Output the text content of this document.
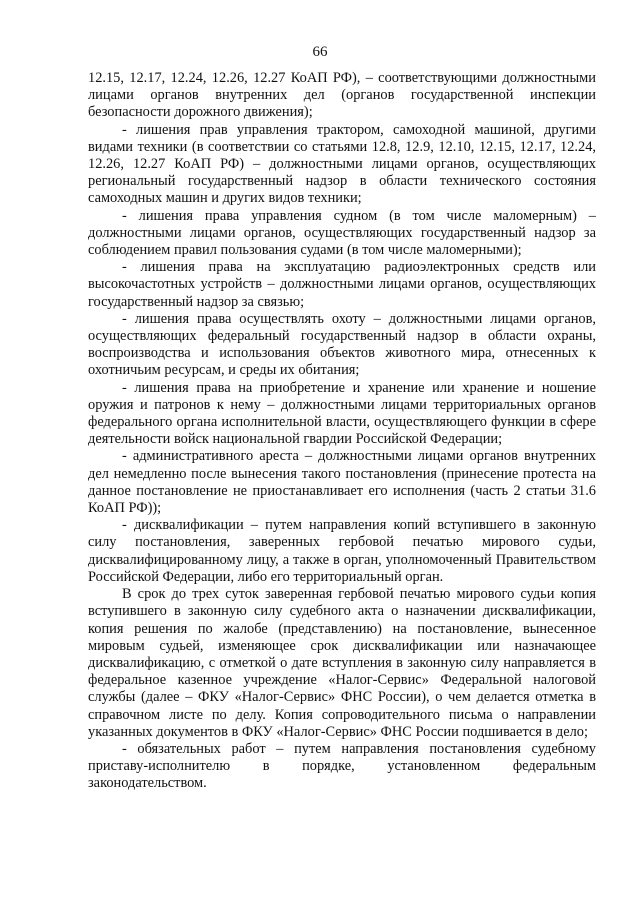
66

12.15, 12.17, 12.24, 12.26, 12.27 КоАП РФ), – соответствующими должностными лицами органов внутренних дел (органов государственной инспекции безопасности дорожного движения);

- лишения прав управления трактором, самоходной машиной, другими видами техники (в соответствии со статьями 12.8, 12.9, 12.10, 12.15, 12.17, 12.24, 12.26, 12.27 КоАП РФ) – должностными лицами органов, осуществляющих региональный государственный надзор в области технического состояния самоходных машин и других видов техники;

- лишения права управления судном (в том числе маломерным) – должностными лицами органов, осуществляющих государственный надзор за соблюдением правил пользования судами (в том числе маломерными);

- лишения права на эксплуатацию радиоэлектронных средств или высокочастотных устройств – должностными лицами органов, осуществляющих государственный надзор за связью;

- лишения права осуществлять охоту – должностными лицами органов, осуществляющих федеральный государственный надзор в области охраны, воспроизводства и использования объектов животного мира, отнесенных к охотничьим ресурсам, и среды их обитания;

- лишения права на приобретение и хранение или хранение и ношение оружия и патронов к нему – должностными лицами территориальных органов федерального органа исполнительной власти, осуществляющего функции в сфере деятельности войск национальной гвардии Российской Федерации;

- административного ареста – должностными лицами органов внутренних дел немедленно после вынесения такого постановления (принесение протеста на данное постановление не приостанавливает его исполнения (часть 2 статьи 31.6 КоАП РФ));

- дисквалификации – путем направления копий вступившего в законную силу постановления, заверенных гербовой печатью мирового судьи, дисквалифицированному лицу, а также в орган, уполномоченный Правительством Российской Федерации, либо его территориальный орган.

В срок до трех суток заверенная гербовой печатью мирового судьи копия вступившего в законную силу судебного акта о назначении дисквалификации, копия решения по жалобе (представлению) на постановление, вынесенное мировым судьей, изменяющее срок дисквалификации или назначающее дисквалификацию, с отметкой о дате вступления в законную силу направляется в федеральное казенное учреждение «Налог-Сервис» Федеральной налоговой службы (далее – ФКУ «Налог-Сервис» ФНС России), о чем делается отметка в справочном листе по делу. Копия сопроводительного письма о направлении указанных документов в ФКУ «Налог-Сервис» ФНС России подшивается в дело;

- обязательных работ – путем направления постановления судебному приставу-исполнителю в порядке, установленном федеральным законодательством.
